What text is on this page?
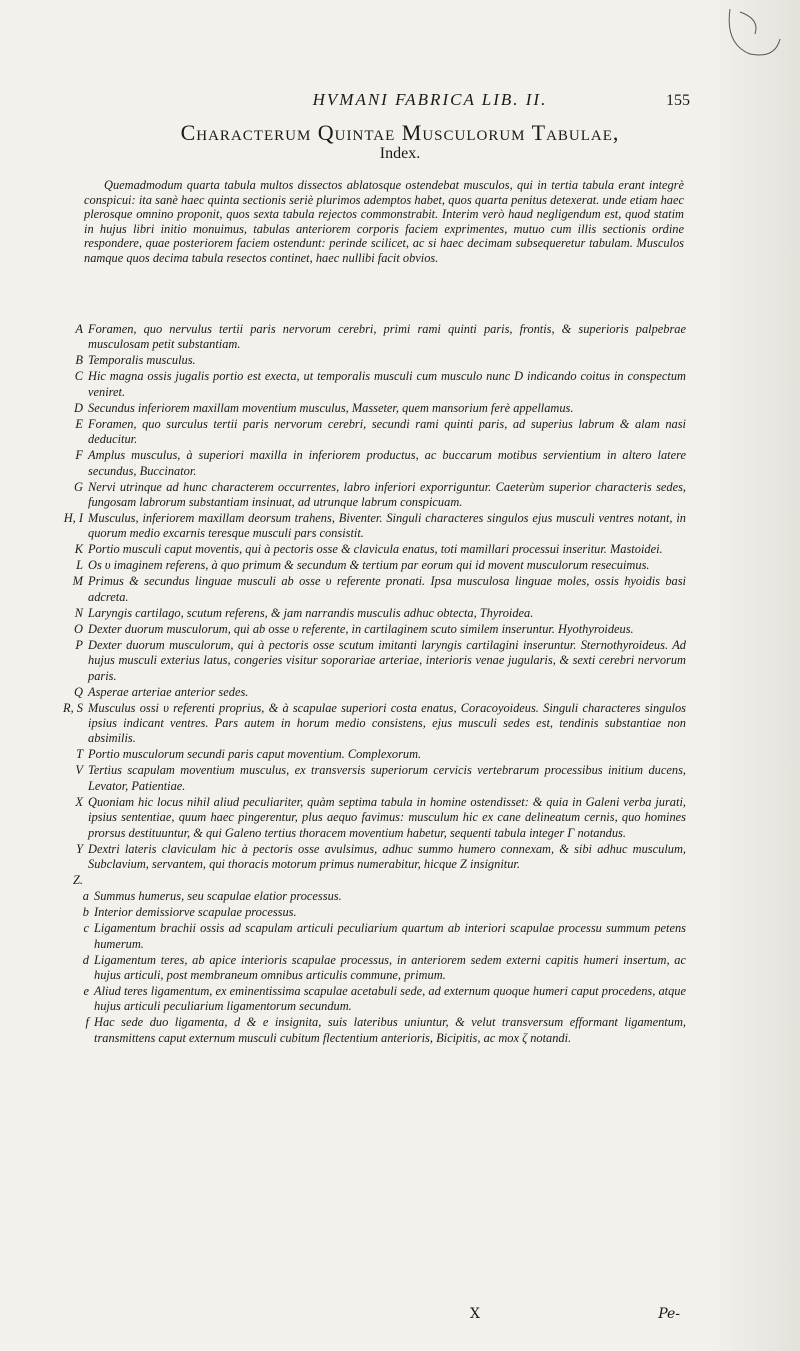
HVMANI FABRICA LIB. II.	155
Characterum Quintae Musculorum Tabulae,
Index.
Quemadmodum quarta tabula multos dissectos ablatosque ostendebat musculos, qui in tertia tabula erant integrè conspicui: ita sanè haec quinta sectionis seriè plurimos ademptos habet, quos quarta penitus detexerat. unde etiam haec plerosque omnino proponit, quos sexta tabula rejectos commonstrabit. Interim verò haud negligendum est, quod statim in hujus libri initio monuimus, tabulas anteriorem corporis faciem exprimentes, mutuo cum illis sectionis ordine respondere, quae posteriorem faciem ostendunt: perinde scilicet, ac si haec decimam subsequeretur tabulam. Musculos namque quos decima tabula resectos continet, haec nullibi facit obvios.
A Foramen, quo nervulus tertii paris nervorum cerebri, primi rami quinti paris, frontis, & superioris palpebrae musculosam petit substantiam.
B Temporalis musculus.
C Hic magna ossis jugalis portio est execta, ut temporalis musculi cum musculo nunc D indicando coitus in conspectum veniret.
D Secundus inferiorem maxillam moventium musculus, Masseter, quem mansorium ferè appellamus.
E Foramen, quo surculus tertii paris nervorum cerebri, secundi rami quinti paris, ad superius labrum & alam nasi deducitur.
F Amplus musculus, à superiori maxilla in inferiorem productus, ac buccarum motibus servientium in altero latere secundus, Buccinator.
G Nervi utrinque ad hunc characterem occurrentes, labro inferiori exporriguntur. Caeterùm superior characteris sedes, fungosam labrorum substantiam insinuat, ad utrunque labrum conspicuam.
H, I Musculus, inferiorem maxillam deorsum trahens, Biventer. Singuli characteres singulos ejus musculi ventres notant, in quorum medio excarnis teresque musculi pars consistit.
K Portio musculi caput moventis, qui à pectoris osse & clavicula enatus, toti mamillari processui inseritur. Mastoidei.
L Os υ imaginem referens, à quo primum & secundum & tertium par eorum qui id movent musculorum resecuimus.
M Primus & secundus linguae musculi ab osse υ referente pronati. Ipsa musculosa linguae moles, ossis hyoidis basi adcreta.
N Laryngis cartilago, scutum referens, & jam narrandis musculis adhuc obtecta, Thyroidea.
O Dexter duorum musculorum, qui ab osse υ referente, in cartilaginem scuto similem inseruntur. Hyothyroideus.
P Dexter duorum musculorum, qui à pectoris osse scutum imitanti laryngis cartilagini inseruntur. Sternothyroideus. Ad hujus musculi exterius latus, congeries visitur soporariae arteriae, interioris venae jugularis, & sexti cerebri nervorum paris.
Q Asperae arteriae anterior sedes.
R, S Musculus ossi υ referenti proprius, & à scapulae superiori costa enatus, Coracoyoideus. Singuli characteres singulos ipsius indicant ventres. Pars autem in horum medio consistens, ejus musculi sedes est, tendinis substantiae non absimilis.
T Portio musculorum secundi paris caput moventium. Complexorum.
V Tertius scapulam moventium musculus, ex transversis superiorum cervicis vertebrarum processibus initium ducens, Levator, Patientiae.
X Quoniam hic locus nihil aliud peculiariter, quàm septima tabula in homine ostendisset: & quia in Galeni verba jurati, ipsius sententiae, quum haec pingerentur, plus aequo favimus: musculum hic ex cane delineatum cernis, quo homines prorsus destituuntur, & qui Galeno tertius thoracem moventium habetur, sequenti tabula integer Γ notandus.
Y Dextri lateris claviculam hic à pectoris osse avulsimus, adhuc summo humero connexam, & sibi adhuc musculum, Subclavium, servantem, qui thoracis motorum primus numerabitur, hicque Z insignitur.
Z.
a Summus humerus, seu scapulae elatior processus.
b Interior demissiorve scapulae processus.
c Ligamentum brachii ossis ad scapulam articuli peculiarium quartum ab interiori scapulae processu summum petens humerum.
d Ligamentum teres, ab apice interioris scapulae processus, in anteriorem sedem externi capitis humeri insertum, ac hujus articuli, post membraneum omnibus articulis commune, primum.
e Aliud teres ligamentum, ex eminentissima scapulae acetabuli sede, ad externum quoque humeri caput procedens, atque hujus articuli peculiarium ligamentorum secundum.
f Hac sede duo ligamenta, d & e insignita, suis lateribus uniuntur, & velut transversum efformant ligamentum, transmittens caput externum musculi cubitum flectentium anterioris, Bicipitis, ac mox ζ notandi.
X	Pe-
